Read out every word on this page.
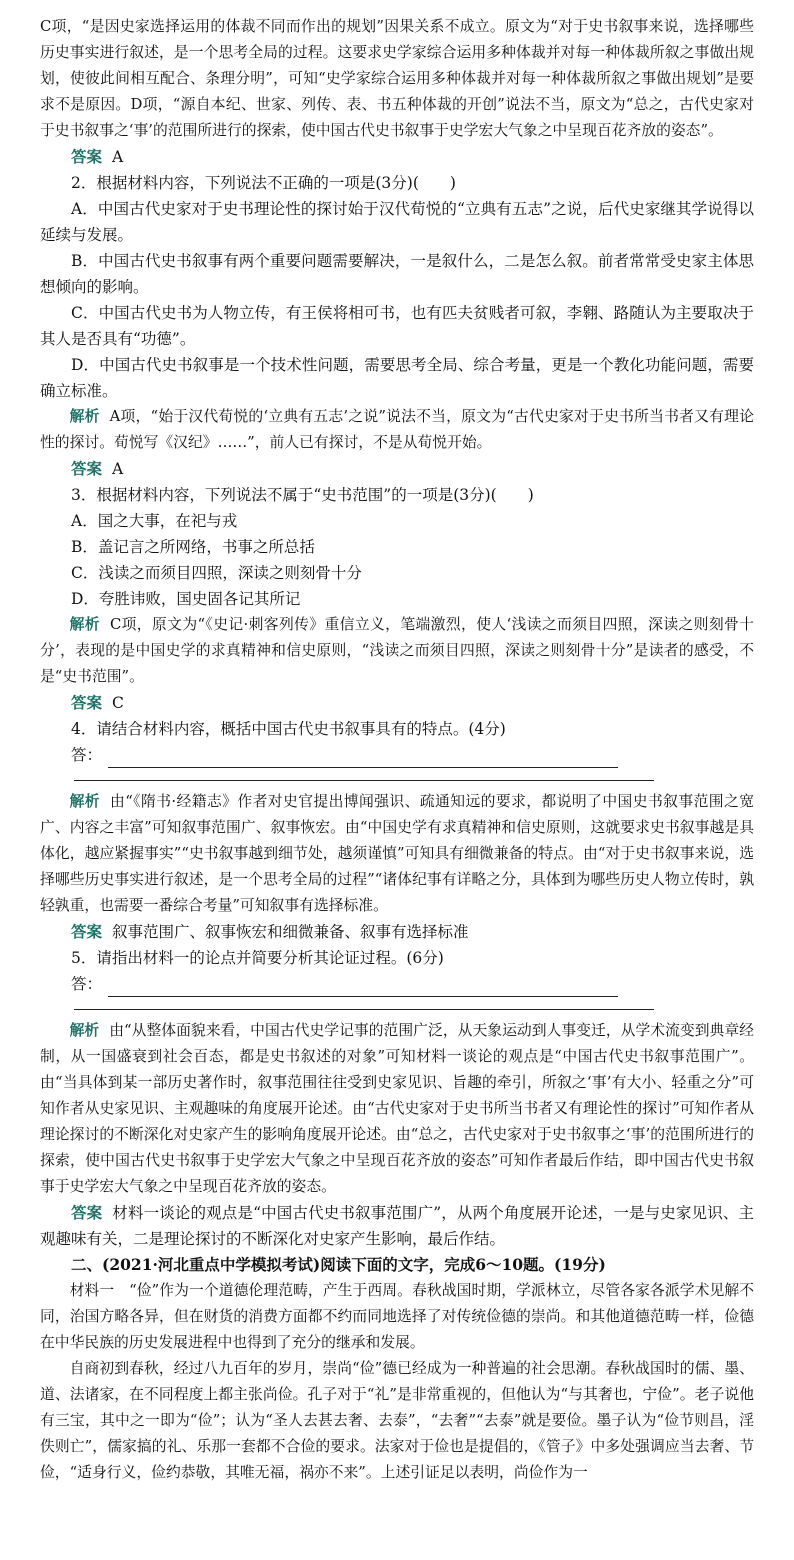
C项，“是因史家选择运用的体裁不同而作出的规划”因果关系不成立。原文为“对于史书叙事来说，选择哪些历史事实进行叙述，是一个思考全局的过程。这要求史学家综合运用多种体裁并对每一种体裁所叙之事做出规划，使彼此间相互配合、条理分明”，可知“史学家综合运用多种体裁并对每一种体裁所叙之事做出规划”是要求不是原因。D项，“源自本纪、世家、列传、表、书五种体裁的开创”说法不当，原文为“总之，古代史家对于史书叙事之‘事’的范围所进行的探索，使中国古代史书叙事于史学宏大气象之中呈现百花齐放的姿态”。

答案 A

2．根据材料内容，下列说法不正确的一项是(3分)(　　)

A．中国古代史家对于史书理论性的探讨始于汉代荀悦的“立典有五志”之说，后代史家继其学说得以延续与发展。

B．中国古代史书叙事有两个重要问题需要解决，一是叙什么，二是怎么叙。前者常常受史家主体思想倾向的影响。

C．中国古代史书为人物立传，有王侯将相可书，也有匹夫贫贱者可叙，李翱、路随认为主要取决于其人是否具有“功德”。

D．中国古代史书叙事是一个技术性问题，需要思考全局、综合考量，更是一个教化功能问题，需要确立标准。

解析 A项，“始于汉代荀悦的‘立典有五志’之说”说法不当，原文为“古代史家对于史书所当书者又有理论性的探讨。荀悦写《汉纪》……”，前人已有探讨，不是从荀悦开始。

答案 A

3．根据材料内容，下列说法不属于“史书范围”的一项是(3分)(　　)

A．国之大事，在祀与戎

B．盖记言之所网络，书事之所总括

C．浅读之而须目四照，深读之则刻骨十分

D．夸胜讳败，国史固各记其所记

解析 C项，原文为“《史记·刺客列传》重信立义，笔端激烈，使人‘浅读之而须目四照，深读之则刻骨十分’，表现的是中国史学的求真精神和信史原则，“浅读之而须目四照，深读之则刻骨十分”是读者的感受，不是“史书范围”。

答案 C

4．请结合材料内容，概括中国古代史书叙事具有的特点。(4分)

答：

解析 由“《隋书·经籍志》作者对史官提出博闻强识、疏通知远的要求，都说明了中国史书叙事范围之宽广、内容之丰富”可知叙事范围广、叙事恢宏。由“中国史学有求真精神和信史原则，这就要求史书叙事越是具体化，越应紧握事实”“史书叙事越到细节处，越须谨慎”可知具有细微兼备的特点。由“对于史书叙事来说，选择哪些历史事实进行叙述，是一个思考全局的过程”“诸体纪事有详略之分，具体到为哪些历史人物立传时，孰轻孰重，也需要一番综合考量”可知叙事有选择标准。

答案 叙事范围广、叙事恢宏和细微兼备、叙事有选择标准

5．请指出材料一的论点并简要分析其论证过程。(6分)

答：

解析 由“从整体面貌来看，中国古代史学记事的范围广泛，从天象运动到人事变迁，从学术流变到典章经制，从一国盛衰到社会百态，都是史书叙述的对象”可知材料一谈论的观点是“中国古代史书叙事范围广”。由“当具体到某一部历史著作时，叙事范围往往受到史家见识、旨趣的牵引，所叙之‘事’有大小、轻重之分”可知作者从史家见识、主观趣味的角度展开论述。由“古代史家对于史书所当书者又有理论性的探讨”可知作者从理论探讨的不断深化对史家产生的影响角度展开论述。由“总之，古代史家对于史书叙事之‘事’的范围所进行的探索，使中国古代史书叙事于史学宏大气象之中呈现百花齐放的姿态”可知作者最后作结，即中国古代史书叙事于史学宏大气象之中呈现百花齐放的姿态。

答案 材料一谈论的观点是“中国古代史书叙事范围广”，从两个角度展开论述，一是与史家见识、主观趣味有关，二是理论探讨的不断深化对史家产生影响，最后作结。

二、(2021·河北重点中学模拟考试)阅读下面的文字，完成6～10题。(19分)

材料一　“俭”作为一个道德伦理范畴，产生于西周。春秋战国时期，学派林立，尽管各家各派学术见解不同，治国方略各异，但在财货的消费方面都不约而同地选择了对传统俭德的崇尚。和其他道德范畴一样，俭德在中华民族的历史发展进程中也得到了充分的继承和发展。

自商初到春秋，经过八九百年的岁月，崇尚“俭”德已经成为一种普遍的社会思潮。春秋战国时的儒、墨、道、法诸家，在不同程度上都主张尚俭。孔子对于“礼”是非常重视的，但他认为“与其奢也，宁俭”。老子说他有三宝，其中之一即为“俭”；认为“圣人去甚去奢、去泰”，“去奢”“去泰”就是要俭。墨子认为“俭节则昌，淫佚则亡”，儒家搞的礼、乐那一套都不合俭的要求。法家对于俭也是提倡的，《管子》中多处强调应当去奢、节俭，“适身行义，俭约恭敬，其唯无福，祸亦不来”。上述引证足以表明，尚俭作为一
